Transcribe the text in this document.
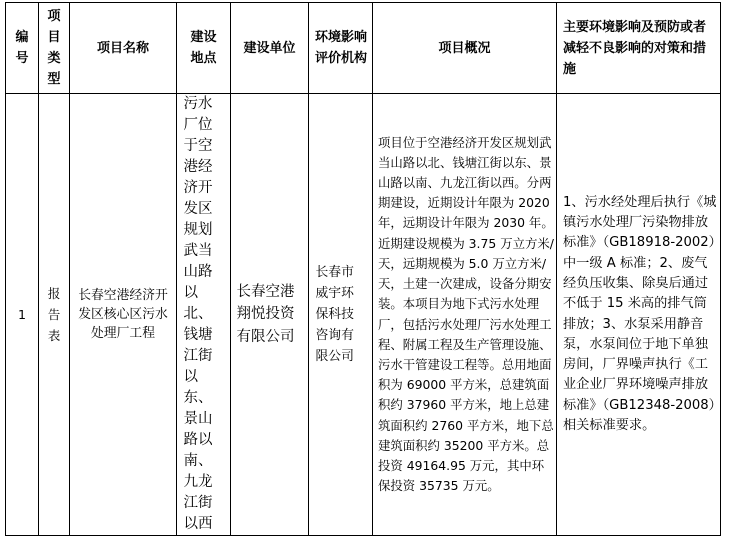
编号	项目类型	项目名称	建设地点	建设单位	环境影响评价机构	项目概况	主要环境影响及预防或者减轻不良影响的对策和措施

1	报告表	长春空港经济开发区核心区污水处理厂工程	污水厂位于空港经济开发区规划武当山路以北、钱塘江街以东、景山路以南、九龙江街以西	长春空港翔悦投资有限公司	长春市威宇环保科技咨询有限公司	项目位于空港经济开发区规划武当山路以北、钱塘江街以东、景山路以南、九龙江街以西。分两期建设，近期设计年限为 2020 年，远期设计年限为 2030 年。近期建设规模为 3.75 万立方米/天，远期规模为 5.0 万立方米/天，土建一次建成，设备分期安装。本项目为地下式污水处理厂，包括污水处理厂污水处理工程、附属工程及生产管理设施、污水干管建设工程等。总用地面积为 69000 平方米，总建筑面积约 37960 平方米，地上总建筑面积约 2760 平方米，地下总建筑面积约 35200 平方米。总投资 49164.95 万元，其中环保投资 35735 万元。	1、污水经处理后执行《城镇污水处理厂污染物排放标准》（GB18918-2002）中一级 A 标准；2、废气经负压收集、除臭后通过不低于 15 米高的排气筒排放；3、水泵采用静音泵，水泵间位于地下单独房间，厂界噪声执行《工业企业厂界环境噪声排放标准》（GB12348-2008）相关标准要求。
